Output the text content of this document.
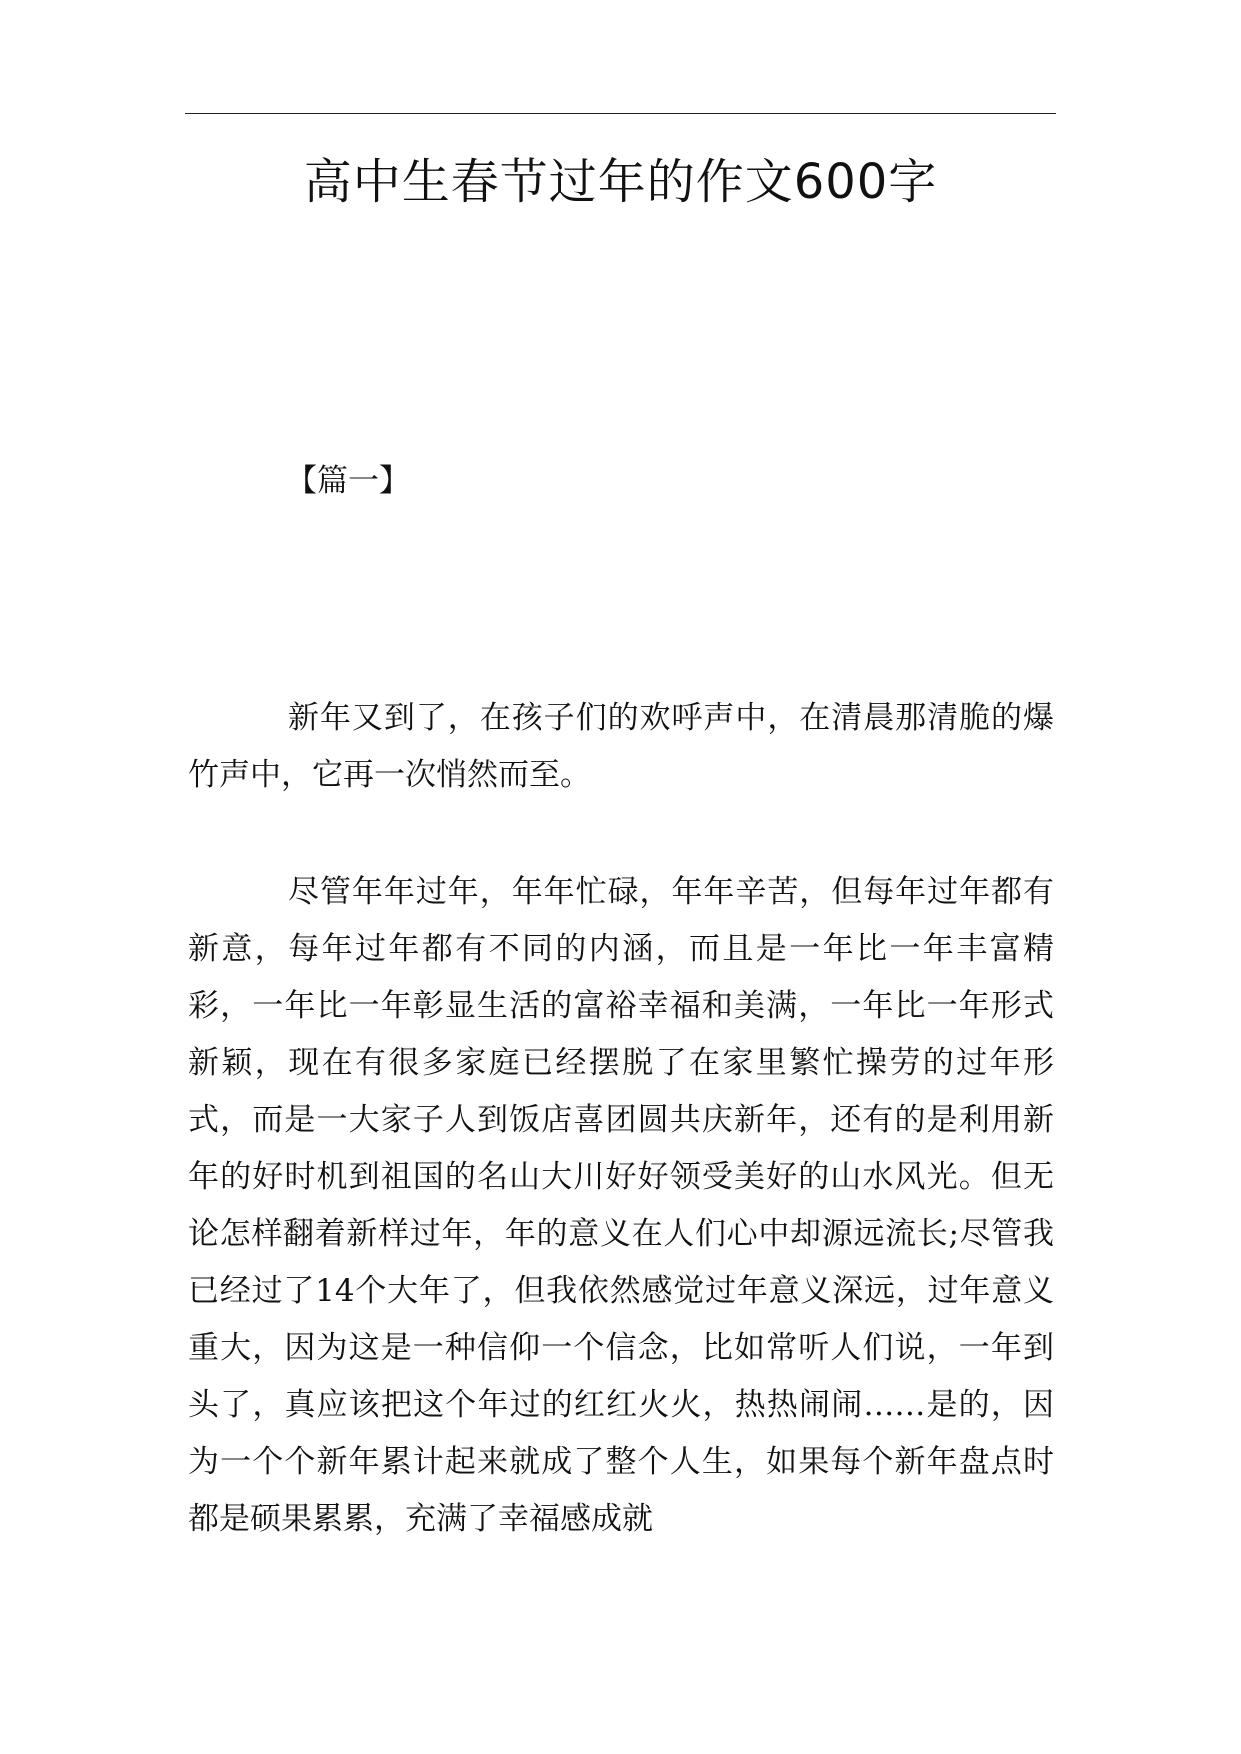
高中生春节过年的作文600字
【篇一】

新年又到了，在孩子们的欢呼声中，在清晨那清脆的爆竹声中，它再一次悄然而至。

尽管年年过年，年年忙碌，年年辛苦，但每年过年都有新意，每年过年都有不同的内涵，而且是一年比一年丰富精彩，一年比一年彰显生活的富裕幸福和美满，一年比一年形式新颖，现在有很多家庭已经摆脱了在家里繁忙操劳的过年形式，而是一大家子人到饭店喜团圆共庆新年，还有的是利用新年的好时机到祖国的名山大川好好领受美好的山水风光。但无论怎样翻着新样过年，年的意义在人们心中却源远流长;尽管我已经过了14个大年了，但我依然感觉过年意义深远，过年意义重大，因为这是一种信仰一个信念，比如常听人们说，一年到头了，真应该把这个年过的红红火火，热热闹闹……是的，因为一个个新年累计起来就成了整个人生，如果每个新年盘点时都是硕果累累，充满了幸福感成就
